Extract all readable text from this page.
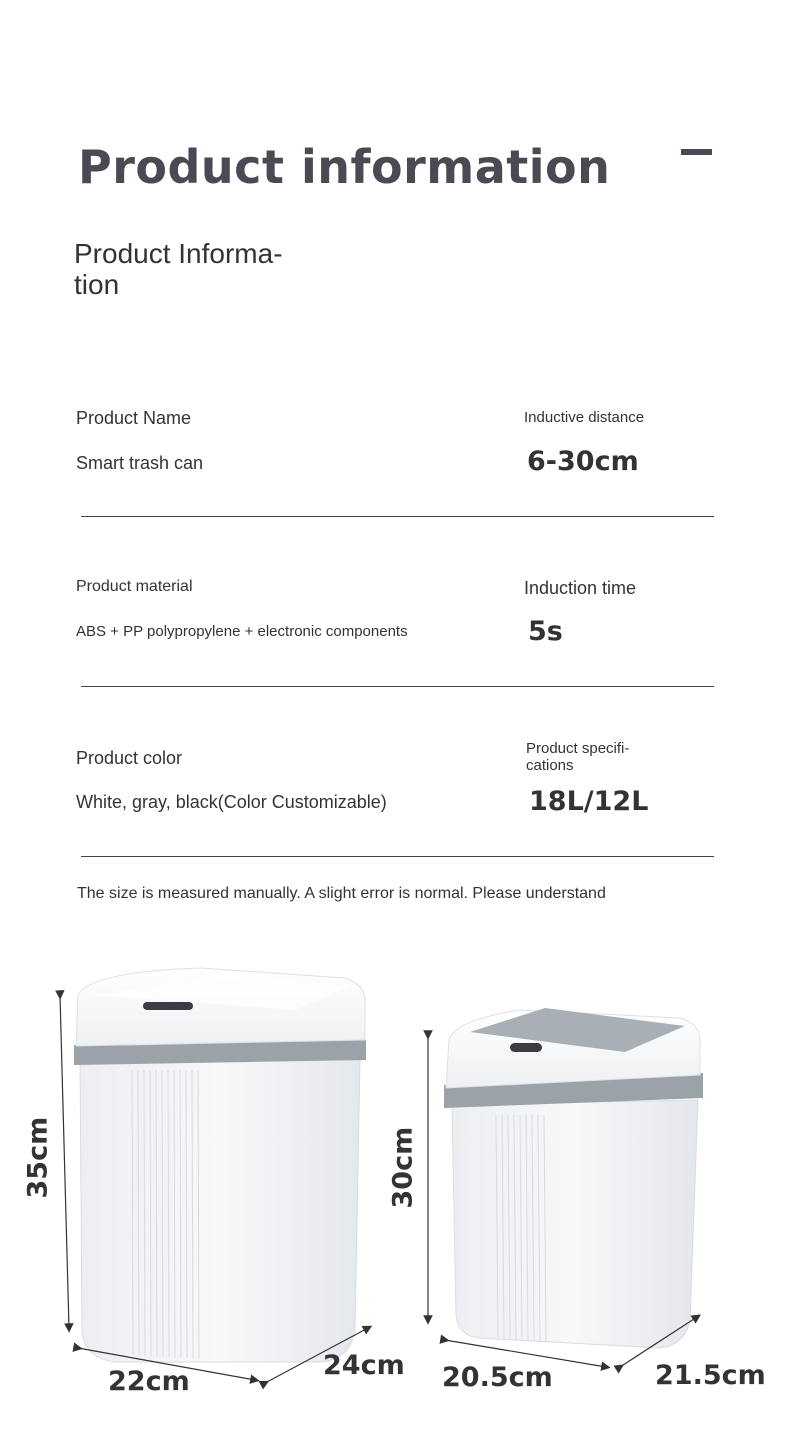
Product information
Product Informa-
tion
Product Name
Smart trash can
Inductive distance
6-30cm
Product material
ABS + PP polypropylene + electronic components
Induction time
5s
Product color
White, gray, black(Color Customizable)
Product specifi-
cations
18L/12L
The size is measured manually. A slight error is normal. Please understand
35cm
22cm
24cm
30cm
20.5cm	21.5cm
